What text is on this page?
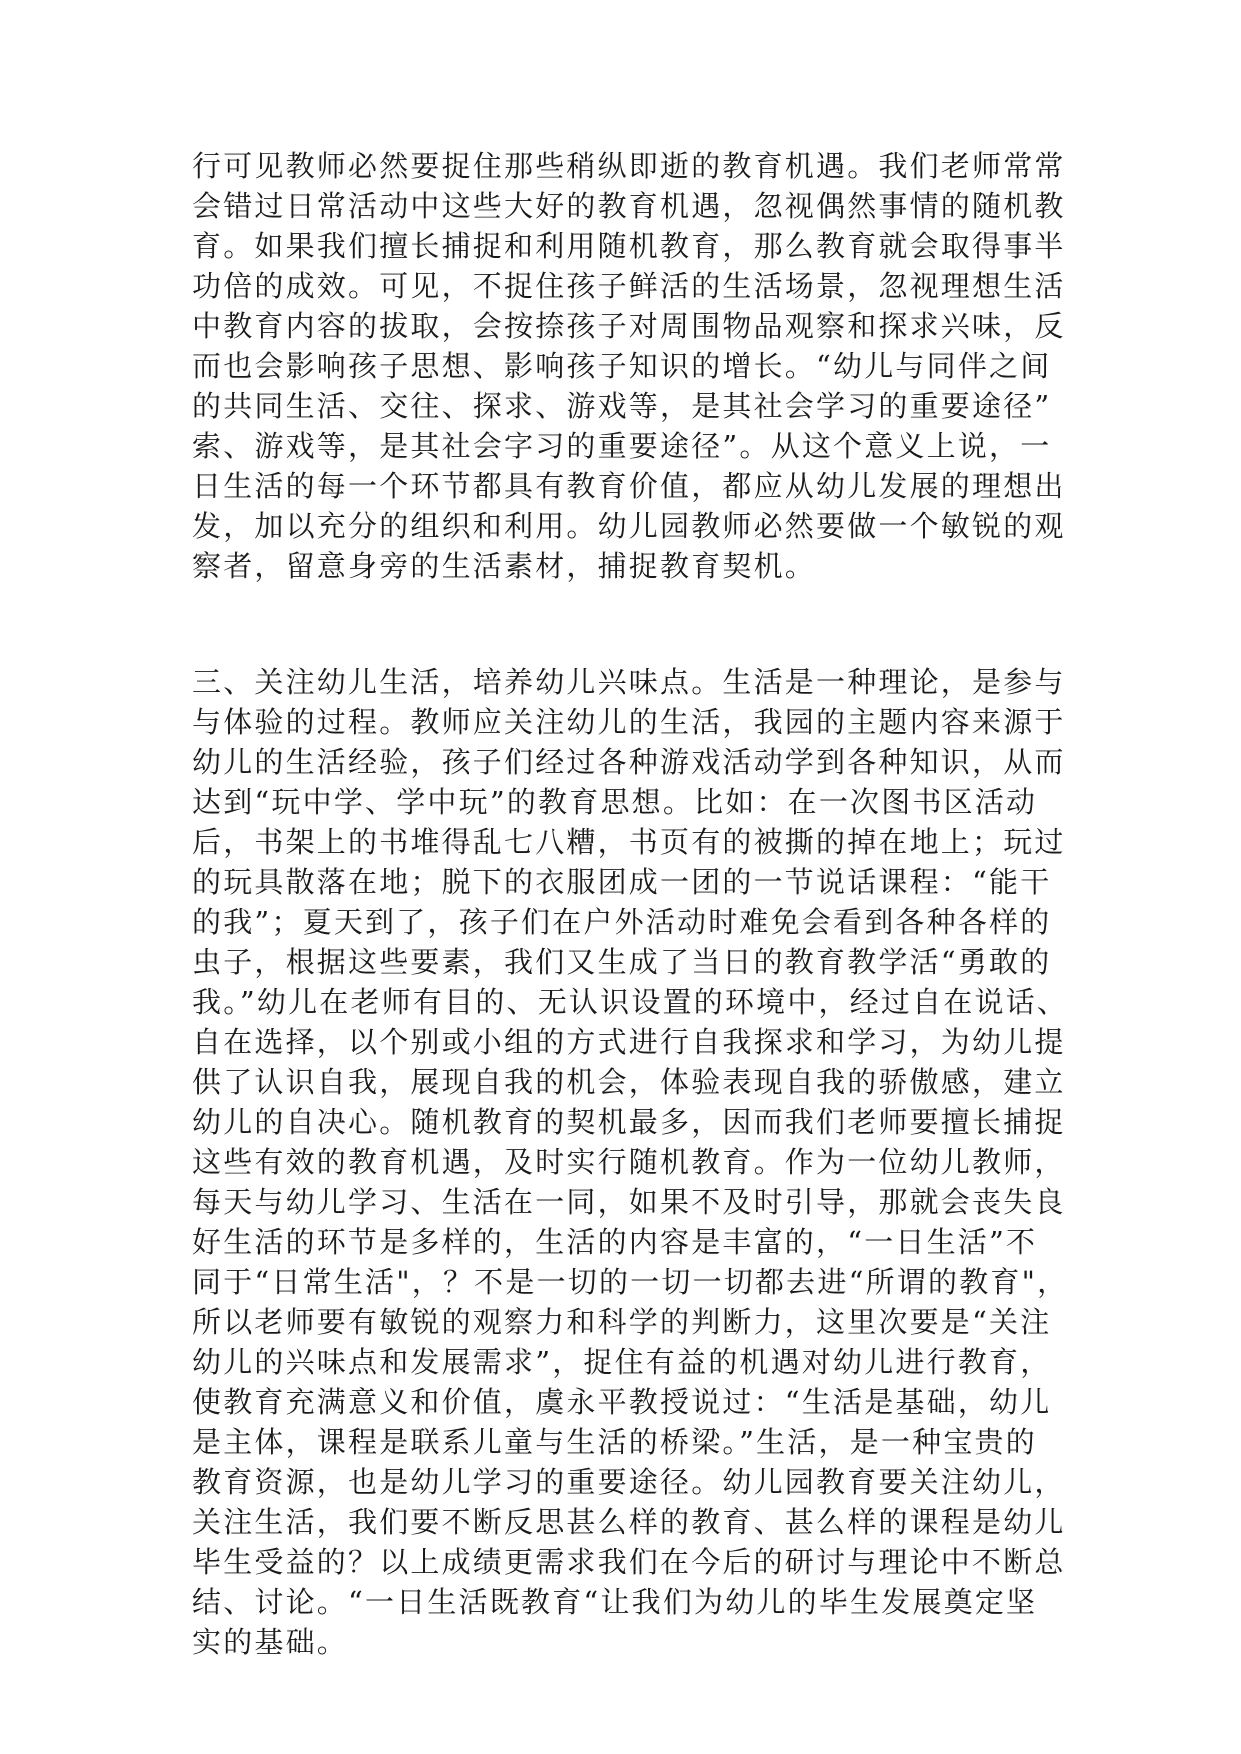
行可见教师必然要捉住那些稍纵即逝的教育机遇。我们老师常常
会错过日常活动中这些大好的教育机遇，忽视偶然事情的随机教
育。如果我们擅长捕捉和利用随机教育，那么教育就会取得事半
功倍的成效。可见，不捉住孩子鲜活的生活场景，忽视理想生活
中教育内容的拔取，会按捺孩子对周围物品观察和探求兴味，反
而也会影响孩子思想、影响孩子知识的增长。“幼儿与同伴之间
的共同生活、交往、探求、游戏等，是其社会学习的重要途径”
索、游戏等，是其社会字习的重要途径”。从这个意义上说，一
日生活的每一个环节都具有教育价值，都应从幼儿发展的理想出
发，加以充分的组织和利用。幼儿园教师必然要做一个敏锐的观
察者，留意身旁的生活素材，捕捉教育契机。
三、关注幼儿生活，培养幼儿兴味点。生活是一种理论，是参与
与体验的过程。教师应关注幼儿的生活，我园的主题内容来源于
幼儿的生活经验，孩子们经过各种游戏活动学到各种知识，从而
达到“玩中学、学中玩”的教育思想。比如：在一次图书区活动
后，书架上的书堆得乱七八糟，书页有的被撕的掉在地上；玩过
的玩具散落在地；脱下的衣服团成一团的一节说话课程：“能干
的我”；夏天到了，孩子们在户外活动时难免会看到各种各样的
虫子，根据这些要素，我们又生成了当日的教育教学活“勇敢的
我。”幼儿在老师有目的、无认识设置的环境中，经过自在说话、
自在选择，以个别或小组的方式进行自我探求和学习，为幼儿提
供了认识自我，展现自我的机会，体验表现自我的骄傲感，建立
幼儿的自决心。随机教育的契机最多，因而我们老师要擅长捕捉
这些有效的教育机遇，及时实行随机教育。作为一位幼儿教师，
每天与幼儿学习、生活在一同，如果不及时引导，那就会丧失良
好生活的环节是多样的，生活的内容是丰富的，“一日生活”不
同于“日常生活"，？不是一切的一切一切都去进“所谓的教育"，
所以老师要有敏锐的观察力和科学的判断力，这里次要是“关注
幼儿的兴味点和发展需求”，捉住有益的机遇对幼儿进行教育，
使教育充满意义和价值，虞永平教授说过：“生活是基础，幼儿
是主体，课程是联系儿童与生活的桥梁。”生活，是一种宝贵的
教育资源，也是幼儿学习的重要途径。幼儿园教育要关注幼儿，
关注生活，我们要不断反思甚么样的教育、甚么样的课程是幼儿
毕生受益的？以上成绩更需求我们在今后的研讨与理论中不断总
结、讨论。“一日生活既教育“让我们为幼儿的毕生发展奠定坚
实的基础。
